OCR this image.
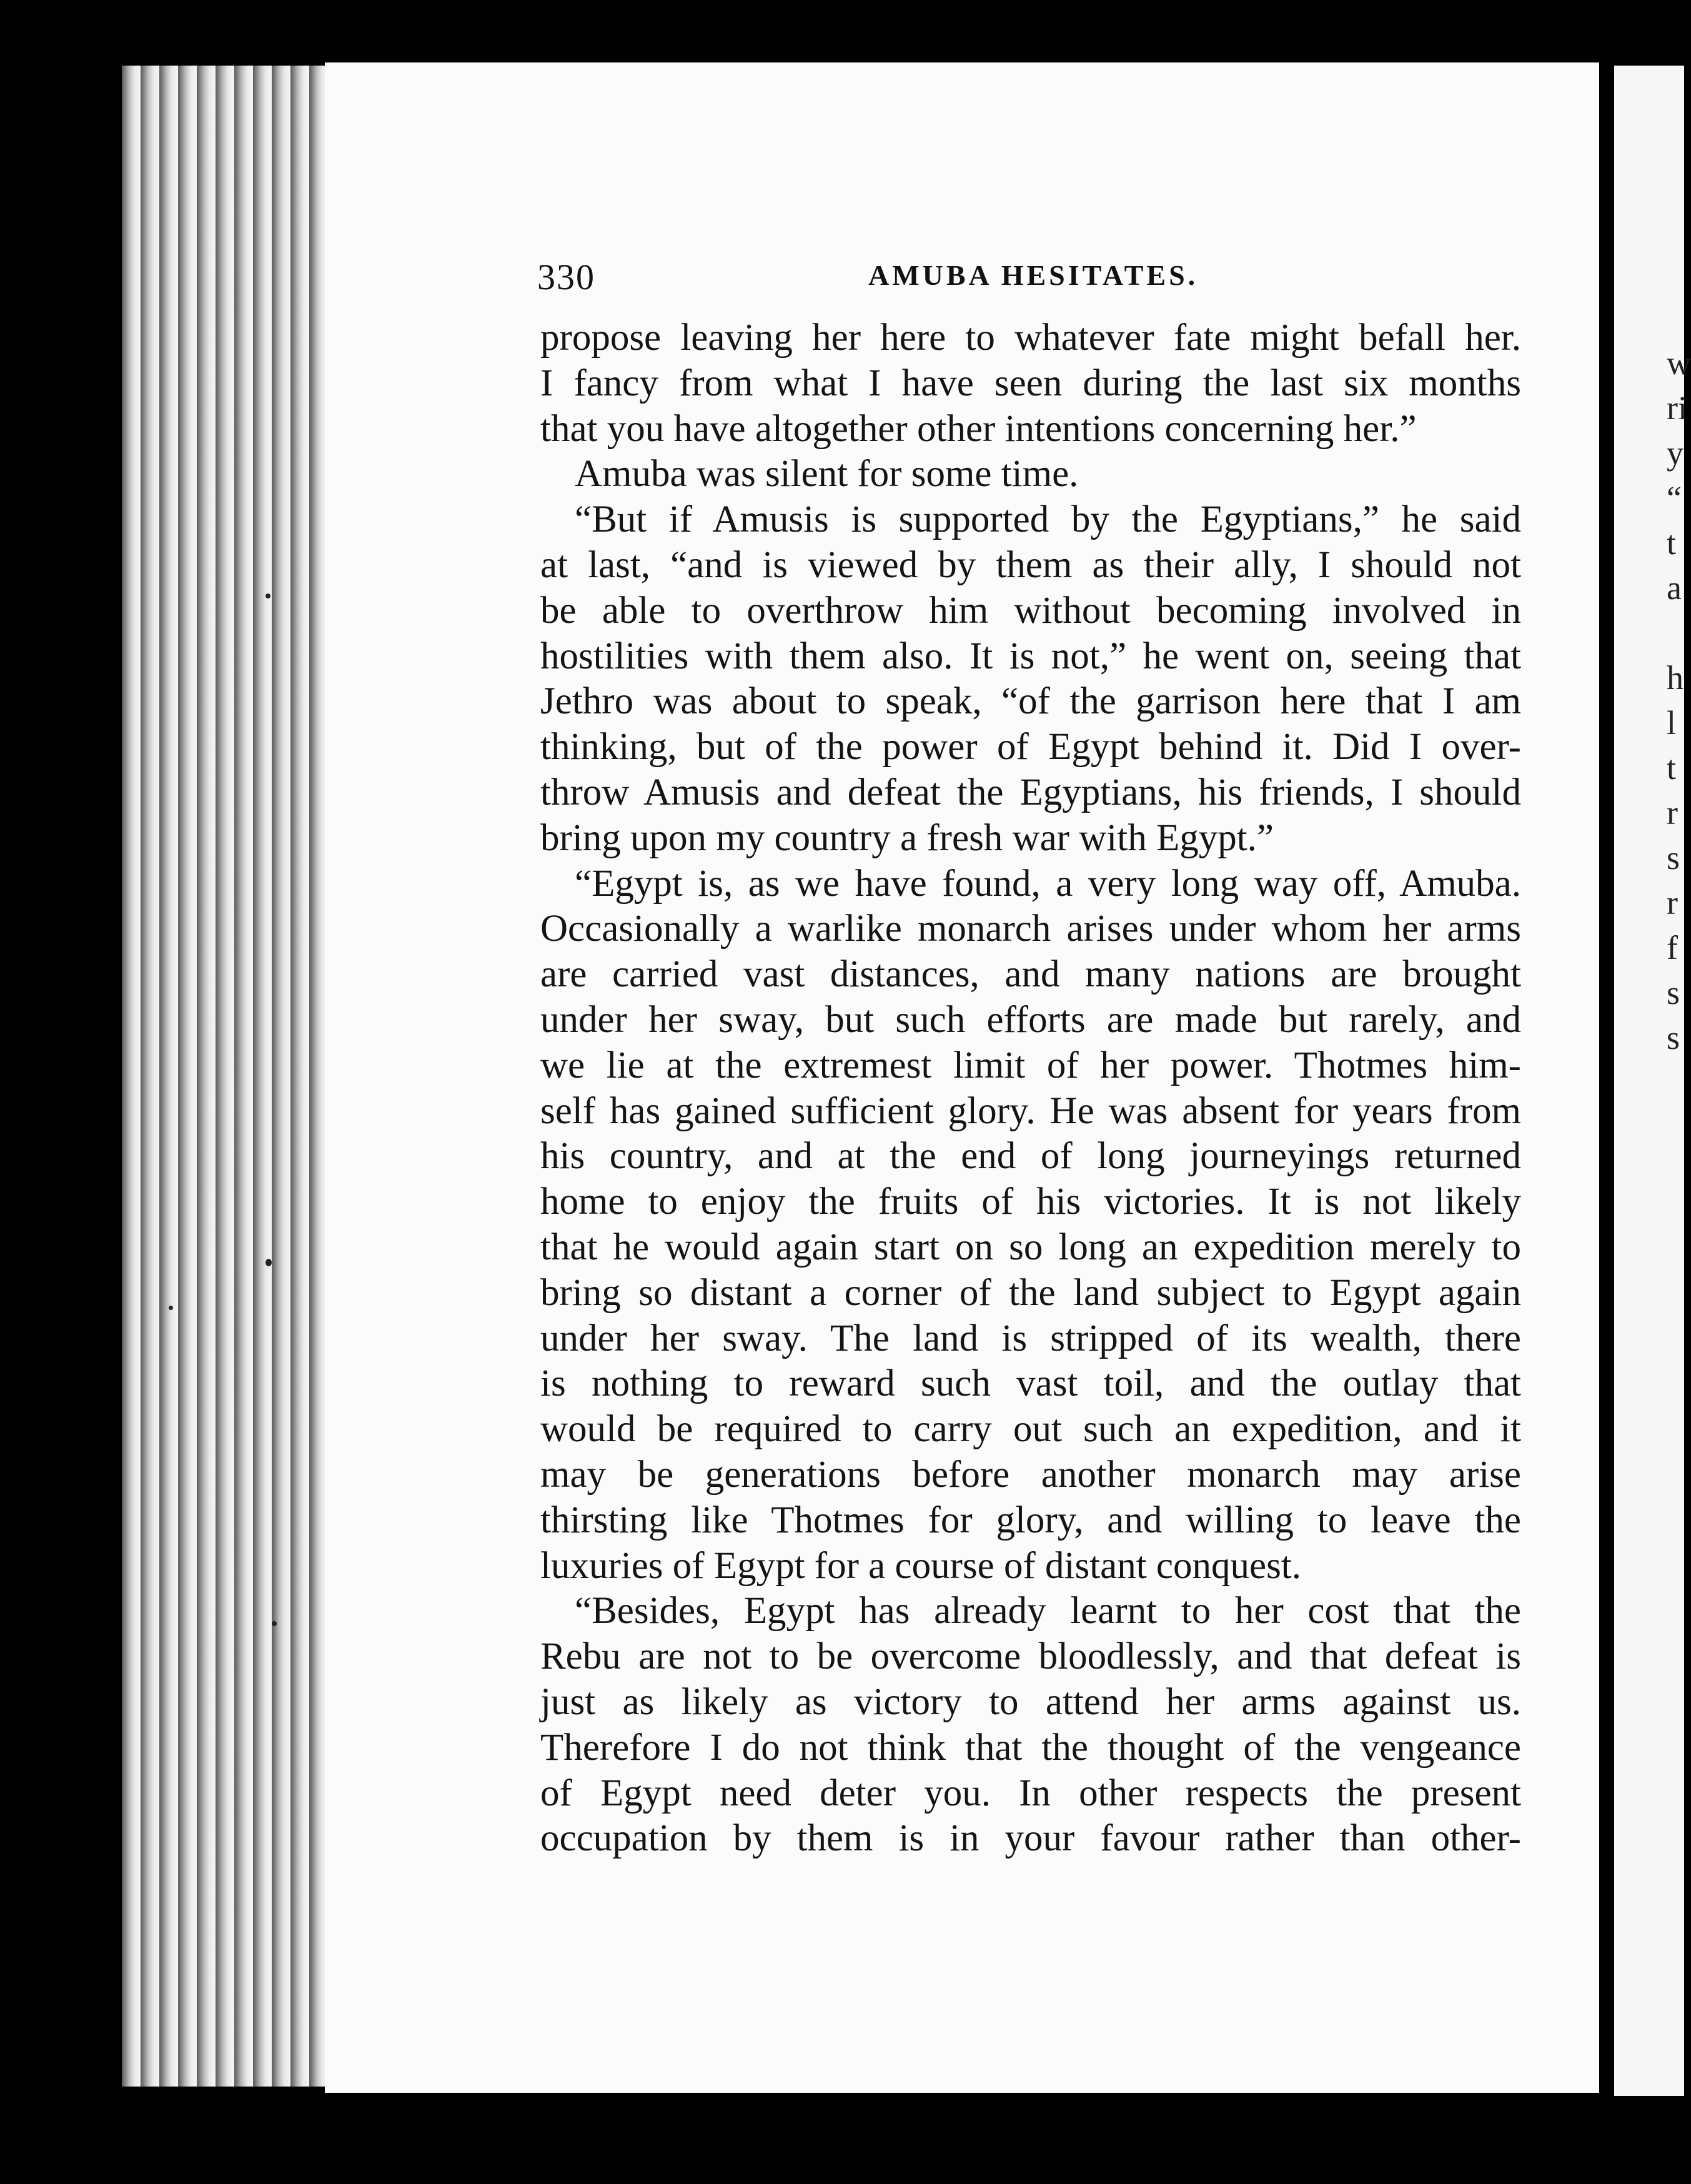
w
ri
y
“
t
a
h
l
t
r
s
r
f
s
s
330	AMUBA HESITATES.
propose leaving her here to whatever fate might befall her.
I fancy from what I have seen during the last six months
that you have altogether other intentions concerning her.”
Amuba was silent for some time.
“But if Amusis is supported by the Egyptians,” he said
at last, “and is viewed by them as their ally, I should not
be able to overthrow him without becoming involved in
hostilities with them also. It is not,” he went on, seeing that
Jethro was about to speak, “of the garrison here that I am
thinking, but of the power of Egypt behind it. Did I over-
throw Amusis and defeat the Egyptians, his friends, I should
bring upon my country a fresh war with Egypt.”
“Egypt is, as we have found, a very long way off, Amuba.
Occasionally a warlike monarch arises under whom her arms
are carried vast distances, and many nations are brought
under her sway, but such efforts are made but rarely, and
we lie at the extremest limit of her power. Thotmes him-
self has gained sufficient glory. He was absent for years from
his country, and at the end of long journeyings returned
home to enjoy the fruits of his victories. It is not likely
that he would again start on so long an expedition merely to
bring so distant a corner of the land subject to Egypt again
under her sway. The land is stripped of its wealth, there
is nothing to reward such vast toil, and the outlay that
would be required to carry out such an expedition, and it
may be generations before another monarch may arise
thirsting like Thotmes for glory, and willing to leave the
luxuries of Egypt for a course of distant conquest.
“Besides, Egypt has already learnt to her cost that the
Rebu are not to be overcome bloodlessly, and that defeat is
just as likely as victory to attend her arms against us.
Therefore I do not think that the thought of the vengeance
of Egypt need deter you. In other respects the present
occupation by them is in your favour rather than other-
